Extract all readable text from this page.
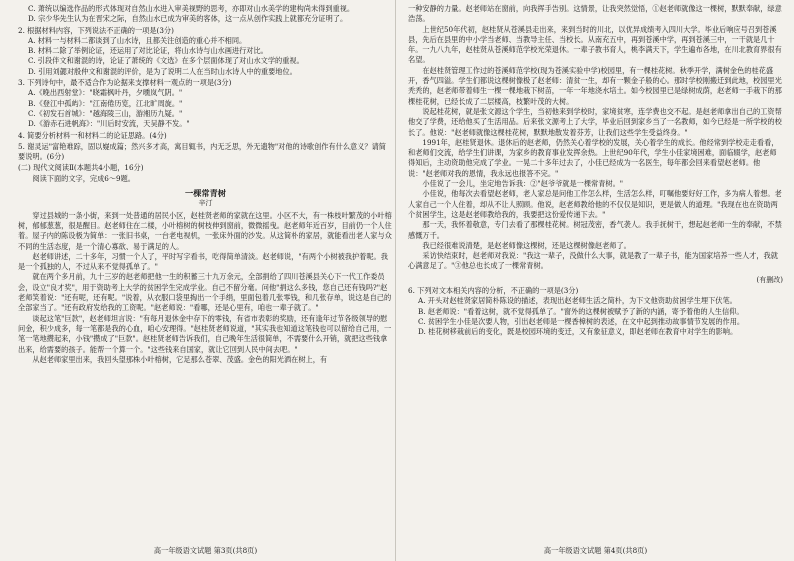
C. 萧统以编选作品的形式体现对自然山水进入审美视野的思考，亦即对山水美学的建构尚未得到重视。

D. 宗少华先生认为在晋宋之际，自然山水已成为审美的客体，这一点从创作实践上就都充分证明了。

2. 根据材料内容，下列说法不正确的一项是(3分)

A. 材料一与材料二都谈到了山水诗，且都关注创造的重心并不相同。

B. 材料二除了举例论证，还运用了对比论证，将山水诗与山水画进行对比。

C. 引段伴文和谢混的诗，论证了萧统的《文选》在多个层面体现了对山水文学的重视。

D. 引用刘勰对殷仲文和谢混的评价，是为了说明二人在当时山水诗人中的重要地位。

3. 下列诗句中，最不适合作为论据来支撑材料一观点的一项是(3分)

A.《晚出西射堂》："晓霜枫叶丹，夕曛岚气阴。"

B.《登江中孤屿》："江南倦历览，江北旷周旋。"

C.《初发石首城》："越海陵三山，游湘历九疑。"

D.《游赤石进帆海》："川后时安流，天吴静不发。"

4. 简要分析材料一和材料二的论证思路。(4分)

5. 谢灵运"富艳难踪，固以嶷成篇；然兴多才高，寓目辄书，内无乏思，外无遗物"对他的诗歌创作有什么意义？请简要说明。(6分)

(二) 现代文阅读Ⅱ(本题共4小题，16分)

阅读下面的文字，完成6～9题。

一棵常青树

辛汀

穿过县城的一条小街，来到一处普通的居民小区，赵桂贤老师的家就在这里。小区不大，有一株枝叶繁茂的小叶榕树，郁郁葱葱，很是醒目。赵老师住在二楼，小叶榕树的树枝伸到窗前，微微摇曳。赵老师年近百岁，目前仍一个人住着。屋子内的陈设极为简单：一张旧书桌，一台老电视机，一张床外面的沙发。从这简朴的家居，就能看出老人家与众不同的生活态度，是一个清心寡欲、易于满足的人。

赵老师讲述，二十多年，习惯一个人了，平时写字看书，吃得简单清淡。赵老师说，"有两个小树被我护着呢。我是一个孤独的人，不过从来不觉得孤单了。"

就在两个多月前，九十三岁的赵老师把他一生的积蓄三十九万余元，全部捐给了四川苍溪县关心下一代工作委员会，设立"良才奖"，用于资助考上大学的贫困学生完成学业。自己不留分毫。问他"捐这么多钱，您自己还有钱吗?"赵老师笑着说："还有呢，还有呢。"说着，从衣服口袋里掏出一个手绢，里面包着几张零钱，和几张存单，说这是自己的全部家当了。"还有政府发给我的工资呢。"赵老师说："看哪，还是心里有，咱也一辈子就了。"

谈起这笔"巨款"，赵老师坦言说："有每月退休金中存下的零钱，有省市表彰的奖励，还有逢年过节各级领导的慰问金，积少成多，每一笔都是我的心血，咱心安理得。"赵桂贤老师说道，"其实我也知道这笔钱也可以留给自己用，一笔一笔地攒起来，小钱"攒成了"巨款"。赵桂贤老师告诉我们，自己晚年生活很简单，不需要什么开销，就把这些钱拿出来，给需要的孩子。能帮一个算一个。"这些钱来自国家，就让它回到人民中间去吧。"

从赵老师家里出来，我回头望那株小叶榕树，它足那么苍翠、茂盛。金色的阳光洒在树上，有

一种安静的力量。赵老师站在窗前，向我挥手告别。这情景，让我突然觉悟，①赵老师就像这一棵树，默默奉献，绿意浩荡。

上世纪50年代初，赵桂贤从苍溪县走出来，来到当时的川北，以优异成绩考入四川大学。毕业后响应号召到苍溪县，先后在县里的中小学当老师、当教导主任、当校长。从南充五中，再到苍溪中学，再到苍溪三中，一干就是几十年。一九八九年，赵桂贤从苍溪师范学校光荣退休。一辈子教书育人，桃李满天下，学生遍布各地，在川北教育界很有名望。

在赵桂贤管理工作过的苍溪师范学校(现为苍溪实验中学)校园里，有一棵桂花树。秋季开学，满树金色的桂花盛开，香气四溢。学生们都说这棵树像极了赵老师：清贫一生，却有一颗金子般的心。那时学校刚搬迁到此地，校园里光秃秃的，赵老师带着师生一棵一棵地栽下树苗，一年一年地浇水培土。如今校园里已是绿树成荫，赵老师一手栽下的那棵桂花树，已经长成了二层楼高，枝繁叶茂的大树。

说起桂花树，就是张文源这个学生，当初他来到学校时，家境贫寒，连学费也交不起。是赵老师拿出自己的工资帮他交了学费，还给他买了生活用品。后来张文源考上了大学，毕业后回到家乡当了一名教师，如今已经是一所学校的校长了。他说："赵老师就像这棵桂花树，默默地散发着芬芳，让我们这些学生受益终身。"

1991年，赵桂贤退休。退休后的赵老师，仍然关心着学校的发展，关心着学生的成长。他经常到学校走走看看，和老师们交流，给学生们讲课，为家乡的教育事业发挥余热。上世纪90年代，学生小佳家境困难，面临辍学，赵老师得知后，主动资助他完成了学业。一晃二十多年过去了，小佳已经成为一名医生，每年都会回来看望赵老师。他说："赵老师对我的恩情，我永远也报答不完。"

小佳说了一会儿，坐定地告诉我：②"赵爷爷就是一棵常青树。"

小佳说，他每次去看望赵老师，老人家总是问他工作怎么样，生活怎么样，叮嘱他要好好工作，多为病人着想。老人家自己一个人住着，却从不让人照顾。他说，赵老师教给他的不仅仅是知识，更是做人的道理。"我现在也在资助两个贫困学生，这是赵老师教给我的，我要把这份爱传递下去。"

那一天，我怀着敬意，专门去看了那棵桂花树。树冠茂密，香气袭人。我手抚树干，想起赵老师一生的奉献，不禁感慨万千。

我已经很难说清楚，是赵老师像这棵树，还是这棵树像赵老师了。

采访快结束时，赵老师对我说："我这一辈子，没做什么大事，就是教了一辈子书，能为国家培养一些人才，我就心满意足了。"③他总也长成了一棵常青树。

(有删改)

6. 下列对文本相关内容的分析，不正确的一项是(3分)

A. 开头对赵桂贤家居简朴陈设的描述，表现出赵老师生活之简朴，为下文他资助贫困学生埋下伏笔。

B. 赵老师说："看着这树，就不觉得孤单了。"窗外的这棵树被赋予了新的内涵，寄予着他的人生信仰。

C. 贫困学生小佳是次要人物，引出赵老师是一棵香樟树的表述，在文中起到推动故事情节发展的作用。

D. 桂花树移栽前后的变化，既是校园环境的变迁，又有象征意义，即赵老师在教育中对学生的影响。

高一年级语文试题 第3页(共8页)	高一年级语文试题 第4页(共8页)
